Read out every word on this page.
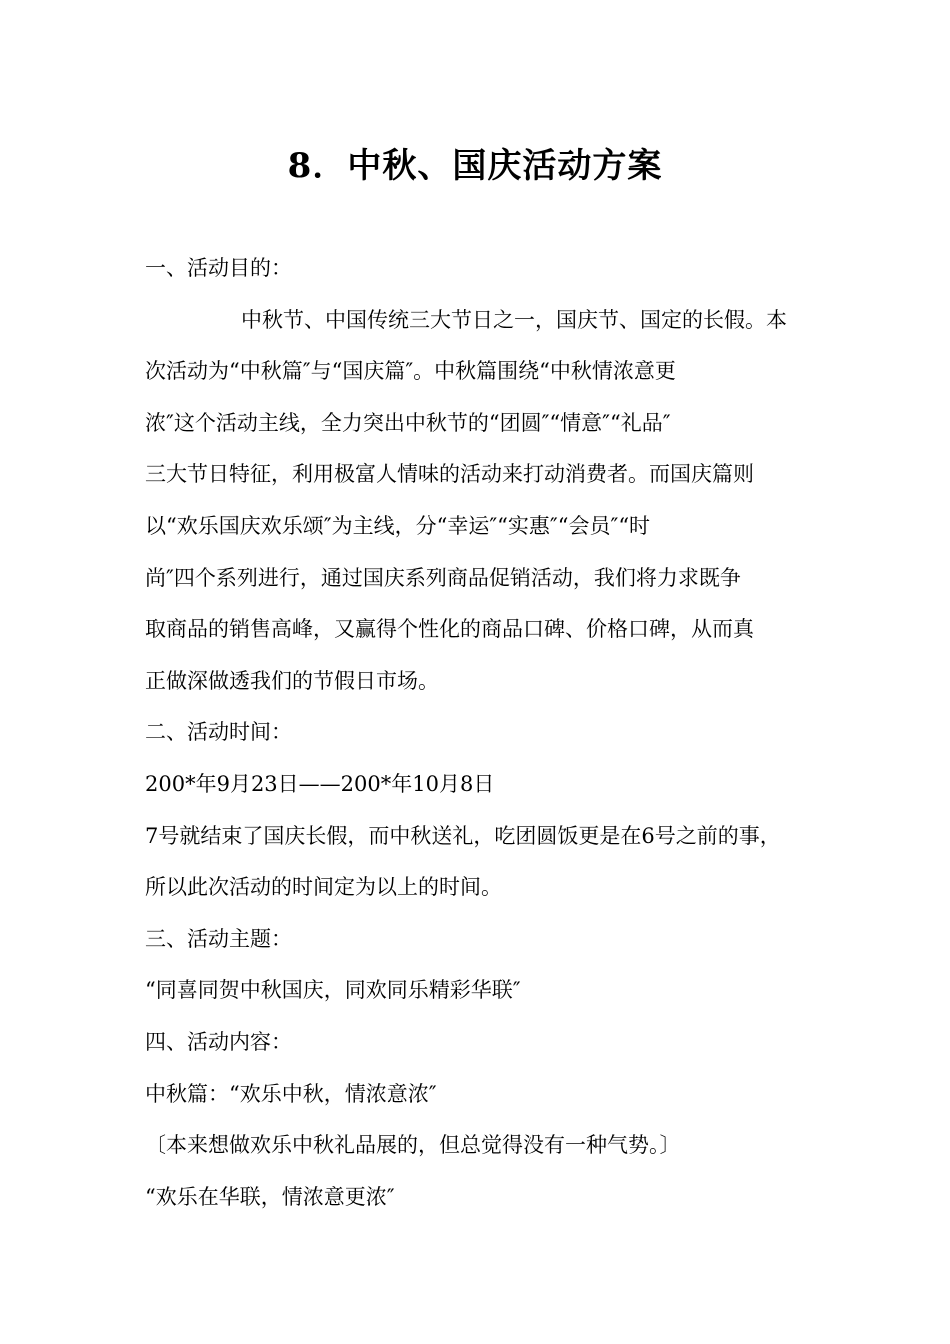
8．中秋、国庆活动方案
一、活动目的：
中秋节、中国传统三大节日之一，国庆节、国定的长假。本
次活动为“中秋篇″与“国庆篇″。中秋篇围绕“中秋情浓意更
浓″这个活动主线，全力突出中秋节的“团圆″“情意″“礼品″
三大节日特征，利用极富人情味的活动来打动消费者。而国庆篇则
以“欢乐国庆欢乐颂″为主线，分“幸运″“实惠″“会员″“时
尚″四个系列进行，通过国庆系列商品促销活动，我们将力求既争
取商品的销售高峰，又赢得个性化的商品口碑、价格口碑，从而真
正做深做透我们的节假日市场。
二、活动时间：
200*年9月23日——200*年10月8日
7号就结束了国庆长假，而中秋送礼，吃团圆饭更是在6号之前的事，
所以此次活动的时间定为以上的时间。
三、活动主题：
“同喜同贺中秋国庆，同欢同乐精彩华联″
四、活动内容：
中秋篇：“欢乐中秋，情浓意浓″
〔本来想做欢乐中秋礼品展的，但总觉得没有一种气势。〕
“欢乐在华联，情浓意更浓″
